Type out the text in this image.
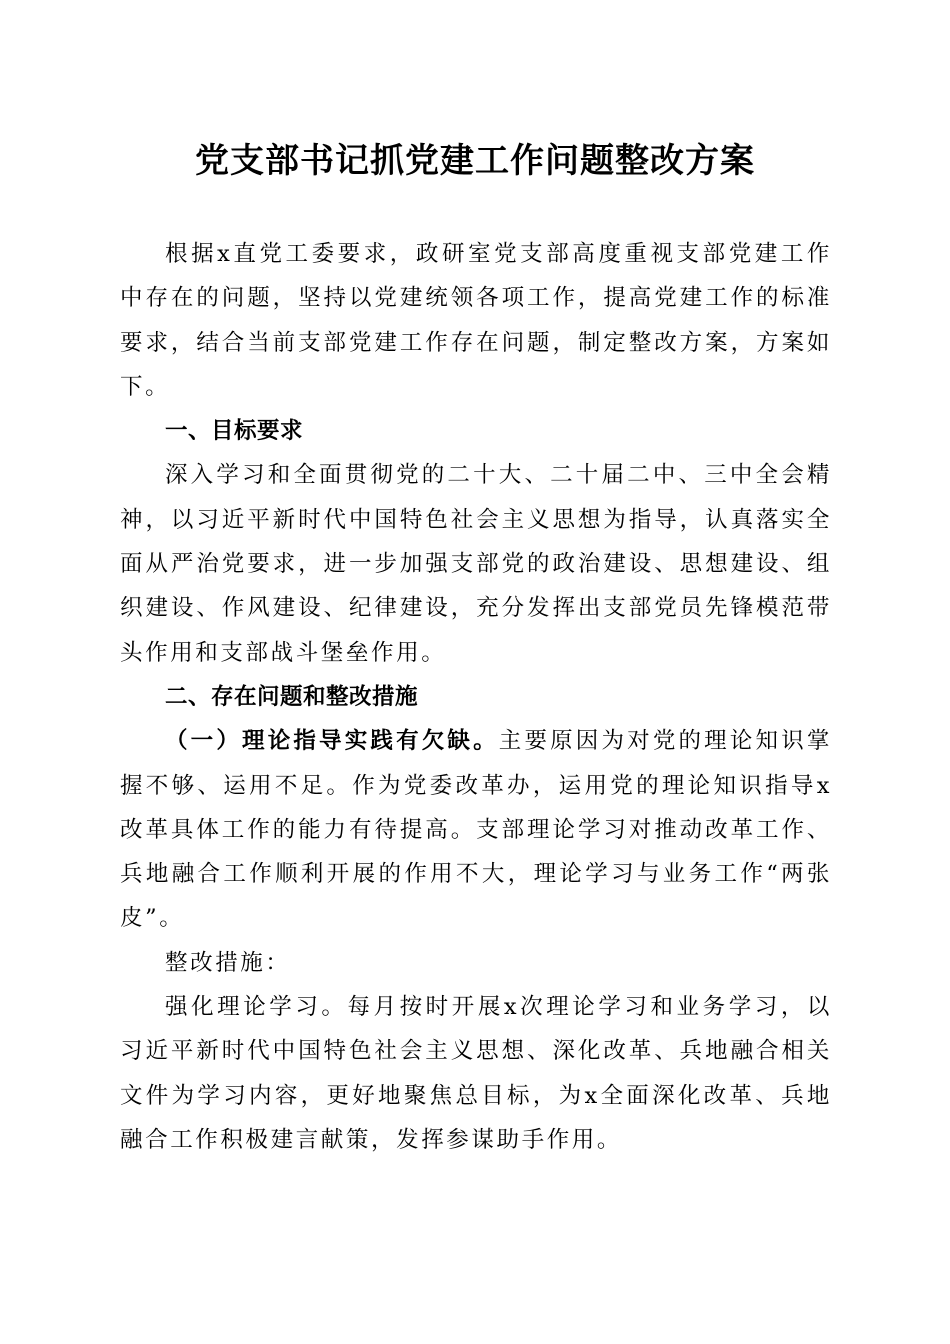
党支部书记抓党建工作问题整改方案

根据x直党工委要求，政研室党支部高度重视支部党建工作中存在的问题，坚持以党建统领各项工作，提高党建工作的标准要求，结合当前支部党建工作存在问题，制定整改方案，方案如下。

一、目标要求

深入学习和全面贯彻党的二十大、二十届二中、三中全会精神，以习近平新时代中国特色社会主义思想为指导，认真落实全面从严治党要求，进一步加强支部党的政治建设、思想建设、组织建设、作风建设、纪律建设，充分发挥出支部党员先锋模范带头作用和支部战斗堡垒作用。

二、存在问题和整改措施

（一）理论指导实践有欠缺。主要原因为对党的理论知识掌握不够、运用不足。作为党委改革办，运用党的理论知识指导x改革具体工作的能力有待提高。支部理论学习对推动改革工作、兵地融合工作顺利开展的作用不大，理论学习与业务工作“两张皮”。

整改措施：

强化理论学习。每月按时开展x次理论学习和业务学习，以习近平新时代中国特色社会主义思想、深化改革、兵地融合相关文件为学习内容，更好地聚焦总目标，为x全面深化改革、兵地融合工作积极建言献策，发挥参谋助手作用。
